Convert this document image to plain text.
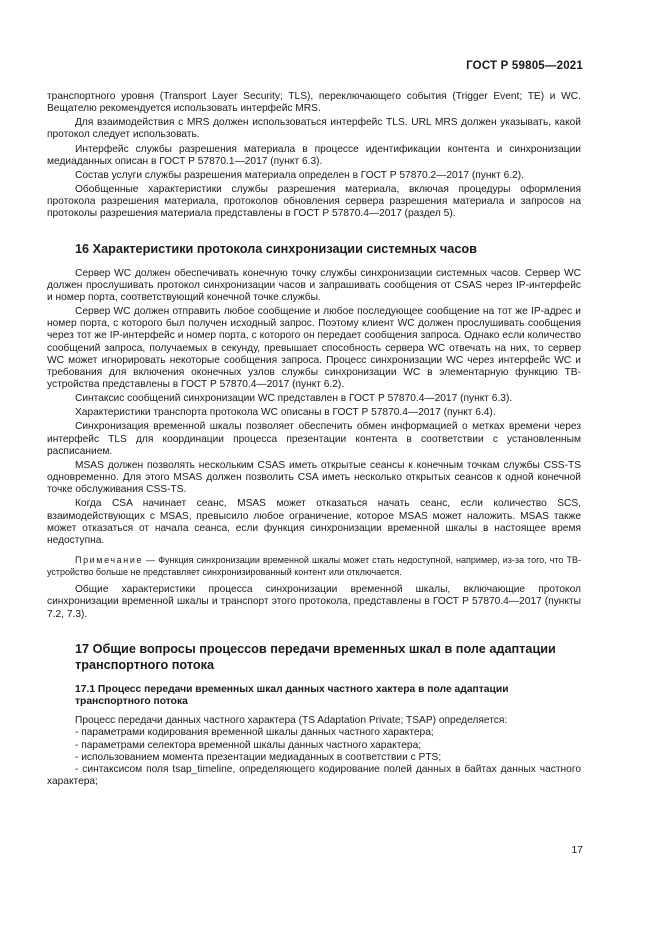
ГОСТ Р 59805—2021

транспортного уровня (Transport Layer Security; TLS), переключающего события (Trigger Event; TE) и WC. Вещателю рекомендуется использовать интерфейс MRS.

Для взаимодействия с MRS должен использоваться интерфейс TLS. URL MRS должен указывать, какой протокол следует использовать.

Интерфейс службы разрешения материала в процессе идентификации контента и синхронизации медиаданных описан в ГОСТ Р 57870.1—2017 (пункт 6.3).

Состав услуги службы разрешения материала определен в ГОСТ Р 57870.2—2017 (пункт 6.2).

Обобщенные характеристики службы разрешения материала, включая процедуры оформления протокола разрешения материала, протоколов обновления сервера разрешения материала и запросов на протоколы разрешения материала представлены в ГОСТ Р 57870.4—2017 (раздел 5).

16 Характеристики протокола синхронизации системных часов

Сервер WC должен обеспечивать конечную точку службы синхронизации системных часов. Сервер WC должен прослушивать протокол синхронизации часов и запрашивать сообщения от CSAS через IP-интерфейс и номер порта, соответствующий конечной точке службы.

Сервер WC должен отправить любое сообщение и любое последующее сообщение на тот же IP-адрес и номер порта, с которого был получен исходный запрос. Поэтому клиент WC должен прослушивать сообщения через тот же IP-интерфейс и номер порта, с которого он передает сообщения запроса. Однако если количество сообщений запроса, получаемых в секунду, превышает способность сервера WC отвечать на них, то сервер WC может игнорировать некоторые сообщения запроса. Процесс синхронизации WC через интерфейс WC и требования для включения оконечных узлов службы синхронизации WC в элементарную функцию ТВ-устройства представлены в ГОСТ Р 57870.4—2017 (пункт 6.2).

Синтаксис сообщений синхронизации WC представлен в ГОСТ Р 57870.4—2017 (пункт 6.3).

Характеристики транспорта протокола WC описаны в ГОСТ Р 57870.4—2017 (пункт 6.4).

Синхронизация временной шкалы позволяет обеспечить обмен информацией о метках времени через интерфейс TLS для координации процесса презентации контента в соответствии с установленным расписанием.

MSAS должен позволять нескольким CSAS иметь открытые сеансы к конечным точкам службы CSS-TS одновременно. Для этого MSAS должен позволить CSA иметь несколько открытых сеансов к одной конечной точке обслуживания CSS-TS.

Когда CSA начинает сеанс, MSAS может отказаться начать сеанс, если количество SCS, взаимодействующих с MSAS, превысило любое ограничение, которое MSAS может наложить. MSAS также может отказаться от начала сеанса, если функция синхронизации временной шкалы в настоящее время недоступна.

Примечание — Функция синхронизации временной шкалы может стать недоступной, например, из-за того, что ТВ-устройство больше не представляет синхронизированный контент или отключается.

Общие характеристики процесса синхронизации временной шкалы, включающие протокол синхронизации временной шкалы и транспорт этого протокола, представлены в ГОСТ Р 57870.4—2017 (пункты 7.2, 7.3).

17 Общие вопросы процессов передачи временных шкал в поле адаптации транспортного потока
17.1 Процесс передачи временных шкал данных частного хактера в поле адаптации транспортного потока

Процесс передачи данных частного характера (TS Adaptation Private; TSAP) определяется:

- параметрами кодирования временной шкалы данных частного характера;

- параметрами селектора временной шкалы данных частного характера;

- использованием момента презентации медиаданных в соответствии с PTS;

- синтаксисом поля tsap_timeline, определяющего кодирование полей данных в байтах данных частного характера;

17
